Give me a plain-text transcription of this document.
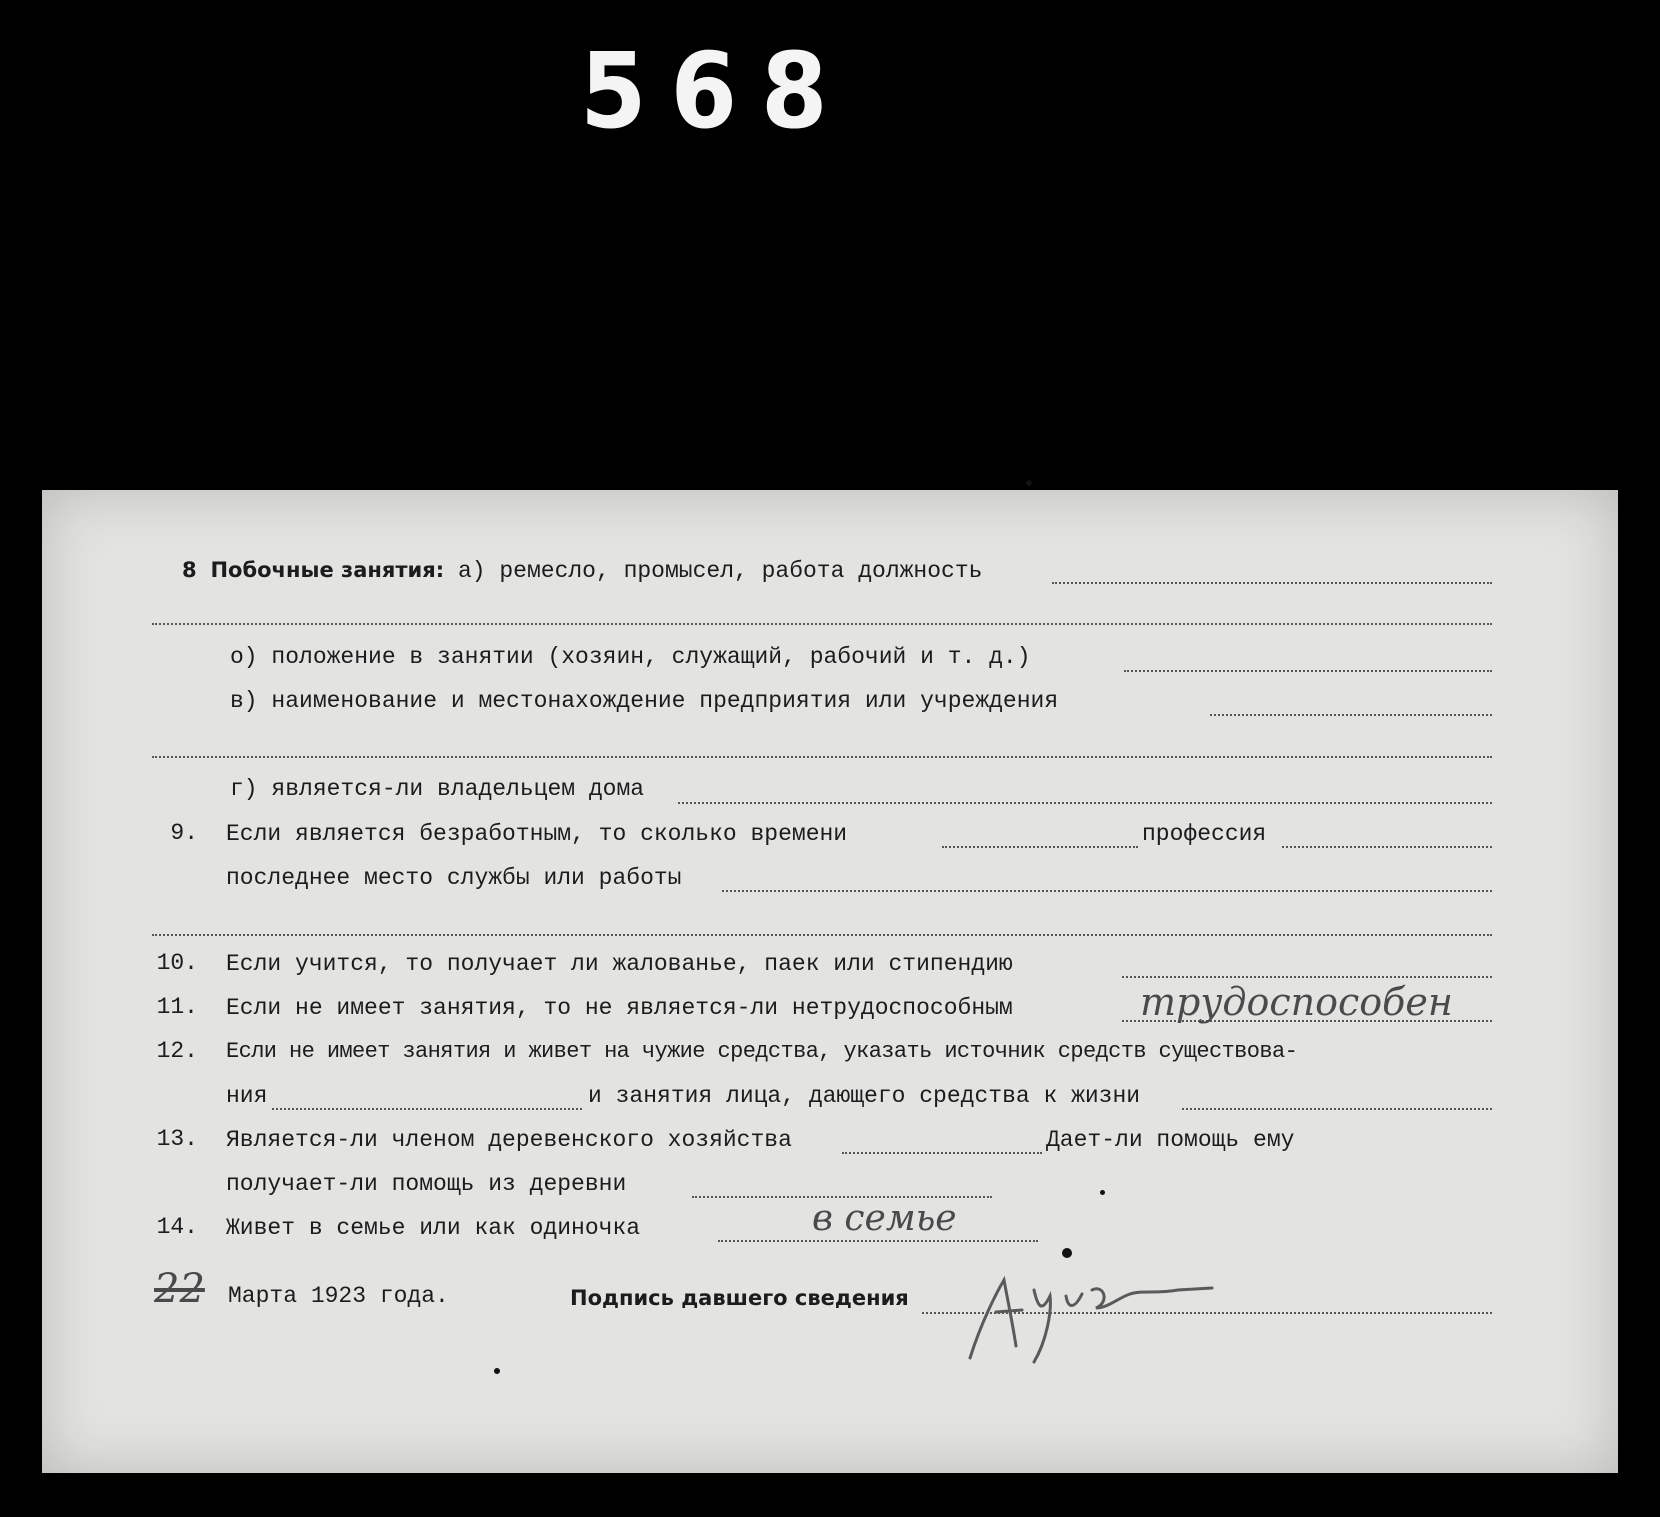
568
8 Побочные занятия: а) ремесло, промысел, работа должность
о) положение в занятии (хозяин, служащий, рабочий и т. д.)
в) наименование и местонахождение предприятия или учреждения
г) является-ли владельцем дома
9. Если является безработным, то сколько времени	профессия
последнее место службы или работы
10. Если учится, то получает ли жалованье, паек или стипендию
11. Если не имеет занятия, то не является-ли нетрудоспособным	трудоспособен
12. Если не имеет занятия и живет на чужие средства, указать источник средств существова-
ния	и занятия лица, дающего средства к жизни
13. Является-ли членом деревенского хозяйства	Дает-ли помощь ему
получает-ли помощь из деревни
14. Живет в семье или как одиночка	в семье
22 Марта 1923 года.	Подпись давшего сведения
